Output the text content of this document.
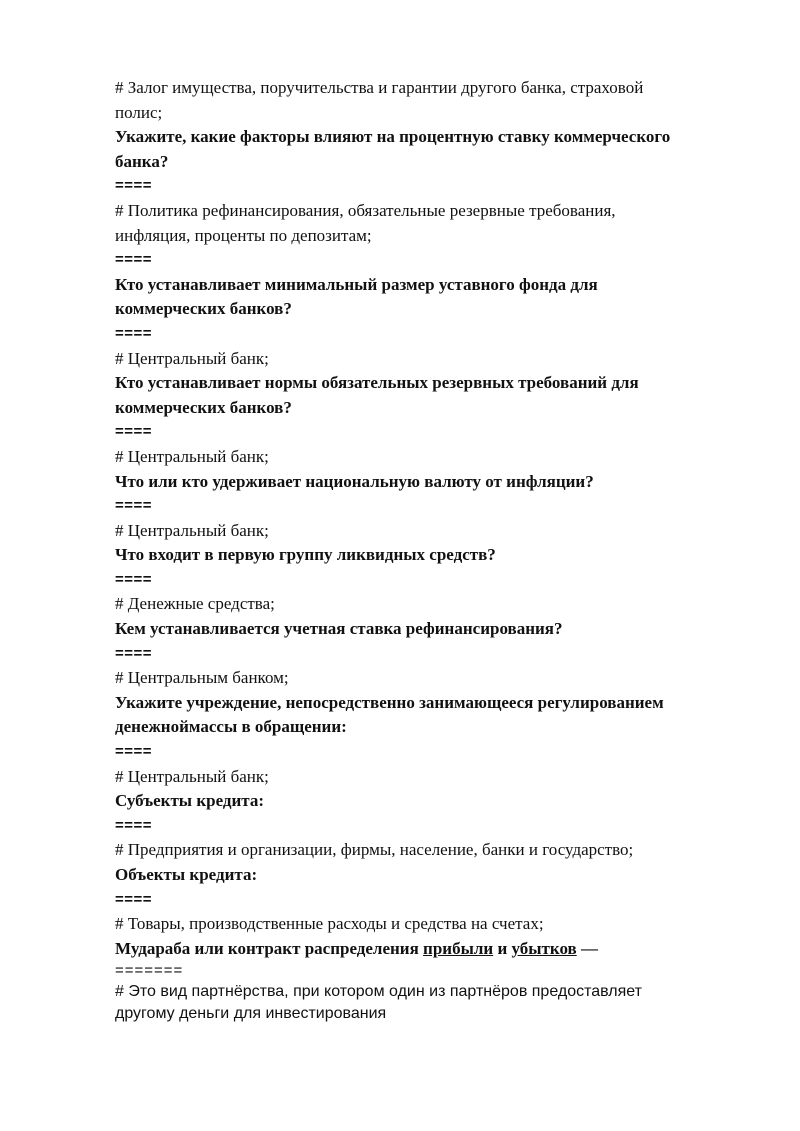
# Залог имущества, поручительства и гарантии другого банка, страховой

полис;

Укажите, какие факторы влияют на процентную ставку коммерческого

банка?

====

# Политика рефинансирования, обязательные резервные требования,

инфляция, проценты по депозитам;

====

Кто устанавливает минимальный размер уставного фонда для

коммерческих банков?

====

# Центральный банк;

Кто устанавливает нормы обязательных резервных требований для

коммерческих банков?

====

# Центральный банк;

Что или кто удерживает национальную валюту от инфляции?

====

# Центральный банк;

Что входит в первую группу ликвидных средств?

====

# Денежные средства;

Кем устанавливается учетная ставка рефинансирования?

====

# Центральным банком;

Укажите учреждение, непосредственно занимающееся регулированием

денежноймассы в обращении:

====

# Центральный банк;

Субъекты кредита:

====

# Предприятия и организации, фирмы, население, банки и государство;

Объекты кредита:

====

# Товары, производственные расходы и средства на счетах;

Мудараба или контракт распределения прибыли и убытков —

=======

# Это вид партнёрства, при котором один из партнёров предоставляет

другому деньги для инвестирования
